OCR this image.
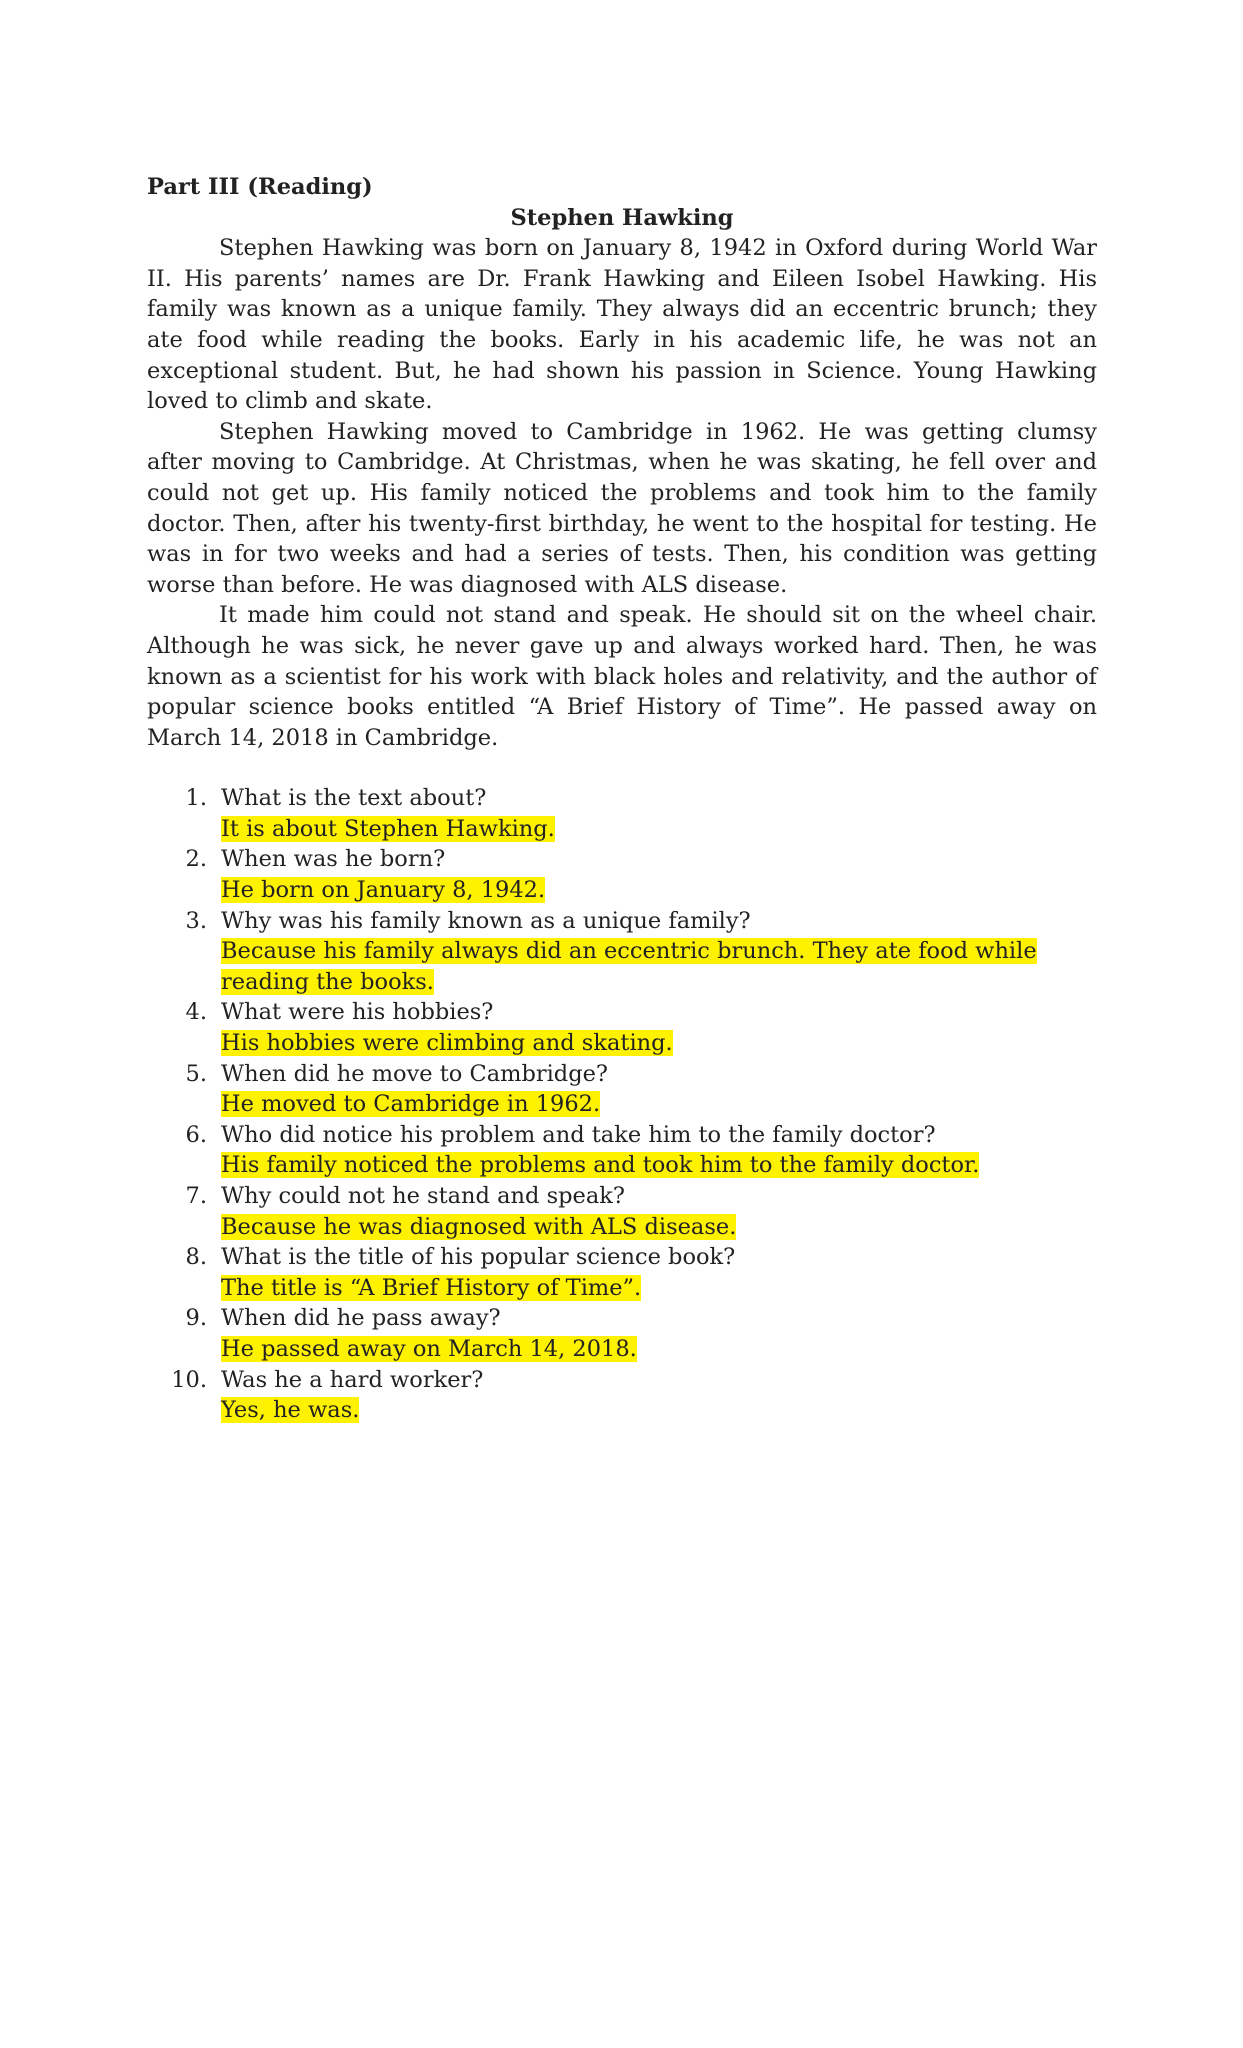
Part III (Reading)

Stephen Hawking

Stephen Hawking was born on January 8, 1942 in Oxford during World War II. His parents’ names are Dr. Frank Hawking and Eileen Isobel Hawking. His family was known as a unique family. They always did an eccentric brunch; they ate food while reading the books. Early in his academic life, he was not an exceptional student. But, he had shown his passion in Science. Young Hawking loved to climb and skate.

Stephen Hawking moved to Cambridge in 1962. He was getting clumsy after moving to Cambridge. At Christmas, when he was skating, he fell over and could not get up. His family noticed the problems and took him to the family doctor. Then, after his twenty-first birthday, he went to the hospital for testing. He was in for two weeks and had a series of tests. Then, his condition was getting worse than before. He was diagnosed with ALS disease.

It made him could not stand and speak. He should sit on the wheel chair. Although he was sick, he never gave up and always worked hard. Then, he was known as a scientist for his work with black holes and relativity, and the author of popular science books entitled “A Brief History of Time”. He passed away on March 14, 2018 in Cambridge.

1. What is the text about?
It is about Stephen Hawking.
2. When was he born?
He born on January 8, 1942.
3. Why was his family known as a unique family?
Because his family always did an eccentric brunch. They ate food while reading the books.
4. What were his hobbies?
His hobbies were climbing and skating.
5. When did he move to Cambridge?
He moved to Cambridge in 1962.
6. Who did notice his problem and take him to the family doctor?
His family noticed the problems and took him to the family doctor.
7. Why could not he stand and speak?
Because he was diagnosed with ALS disease.
8. What is the title of his popular science book?
The title is “A Brief History of Time”.
9. When did he pass away?
He passed away on March 14, 2018.
10. Was he a hard worker?
Yes, he was.
